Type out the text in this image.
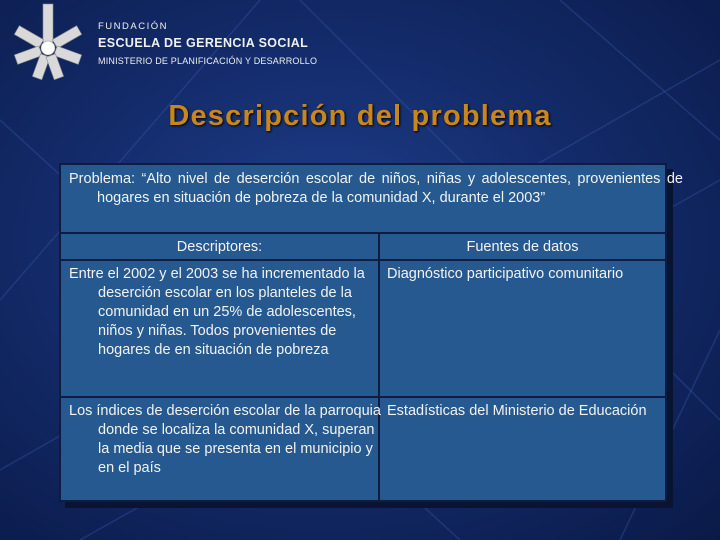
FUNDACIÓN
ESCUELA DE GERENCIA SOCIAL
MINISTERIO DE PLANIFICACIÓN Y DESARROLLO
Descripción del problema
Problema: “Alto nivel de deserción escolar de niños, niñas y adolescentes, provenientes de hogares en situación de pobreza de la comunidad X, durante el 2003”
Descriptores:	Fuentes de datos
Entre el 2002 y el 2003 se ha incrementado la deserción escolar en los planteles de la comunidad en un 25% de adolescentes, niños y niñas. Todos provenientes de hogares de en situación de pobreza
Diagnóstico participativo comunitario
Los índices de deserción escolar de la parroquia donde se localiza la comunidad X, superan la media que se presenta en el municipio y en el país
Estadísticas del Ministerio de Educación
